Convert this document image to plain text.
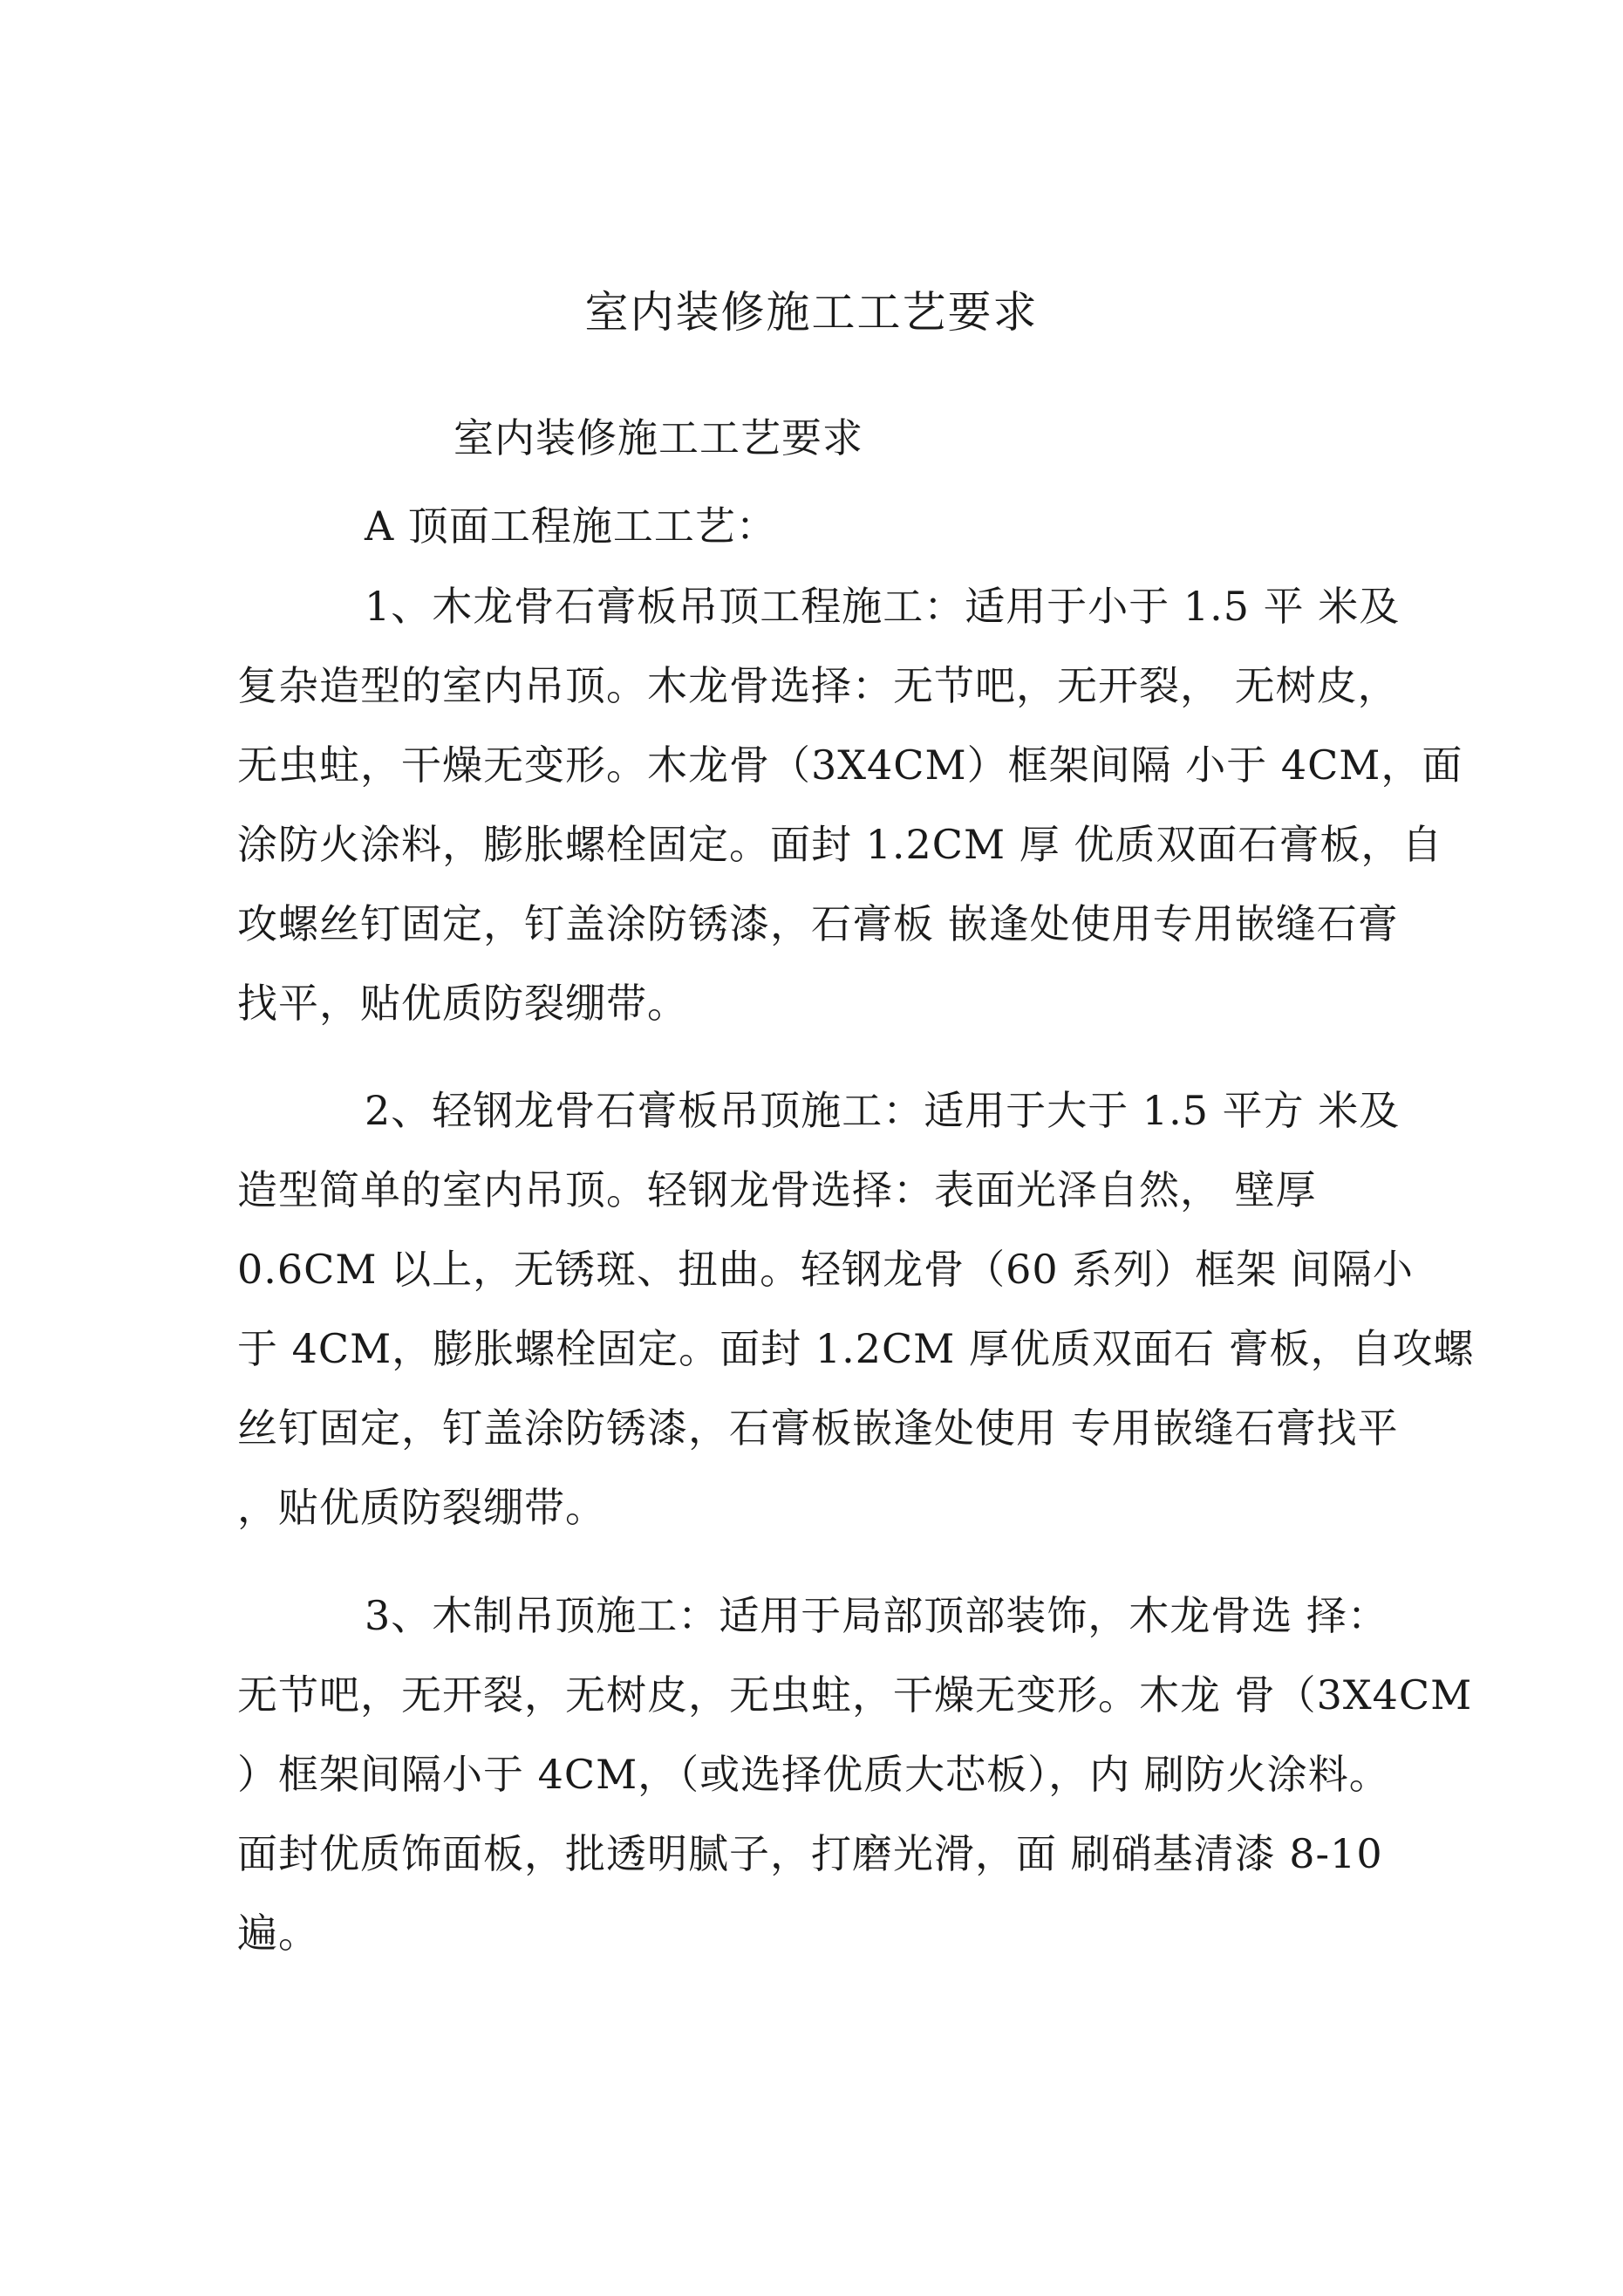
室内装修施工工艺要求
室内装修施工工艺要求
A 顶面工程施工工艺：
1、木龙骨石膏板吊顶工程施工：适用于小于 1.5 平 米及
复杂造型的室内吊顶。木龙骨选择：无节吧，无开裂， 无树皮，
无虫蛀，干燥无变形。木龙骨（3X4CM）框架间隔 小于 4CM，面
涂防火涂料，膨胀螺栓固定。面封 1.2CM 厚 优质双面石膏板，自
攻螺丝钉固定，钉盖涂防锈漆，石膏板 嵌逢处使用专用嵌缝石膏
找平，贴优质防裂绷带。
2、轻钢龙骨石膏板吊顶施工：适用于大于 1.5 平方 米及
造型简单的室内吊顶。轻钢龙骨选择：表面光泽自然， 壁厚
0.6CM 以上，无锈斑、扭曲。轻钢龙骨（60 系列）框架 间隔小
于 4CM，膨胀螺栓固定。面封 1.2CM 厚优质双面石 膏板，自攻螺
丝钉固定，钉盖涂防锈漆，石膏板嵌逢处使用 专用嵌缝石膏找平
，贴优质防裂绷带。
3、木制吊顶施工：适用于局部顶部装饰，木龙骨选 择：
无节吧，无开裂，无树皮，无虫蛀，干燥无变形。木龙 骨（3X4CM
）框架间隔小于 4CM，（或选择优质大芯板），内 刷防火涂料。
面封优质饰面板，批透明腻子，打磨光滑，面 刷硝基清漆 8-10
遍。
